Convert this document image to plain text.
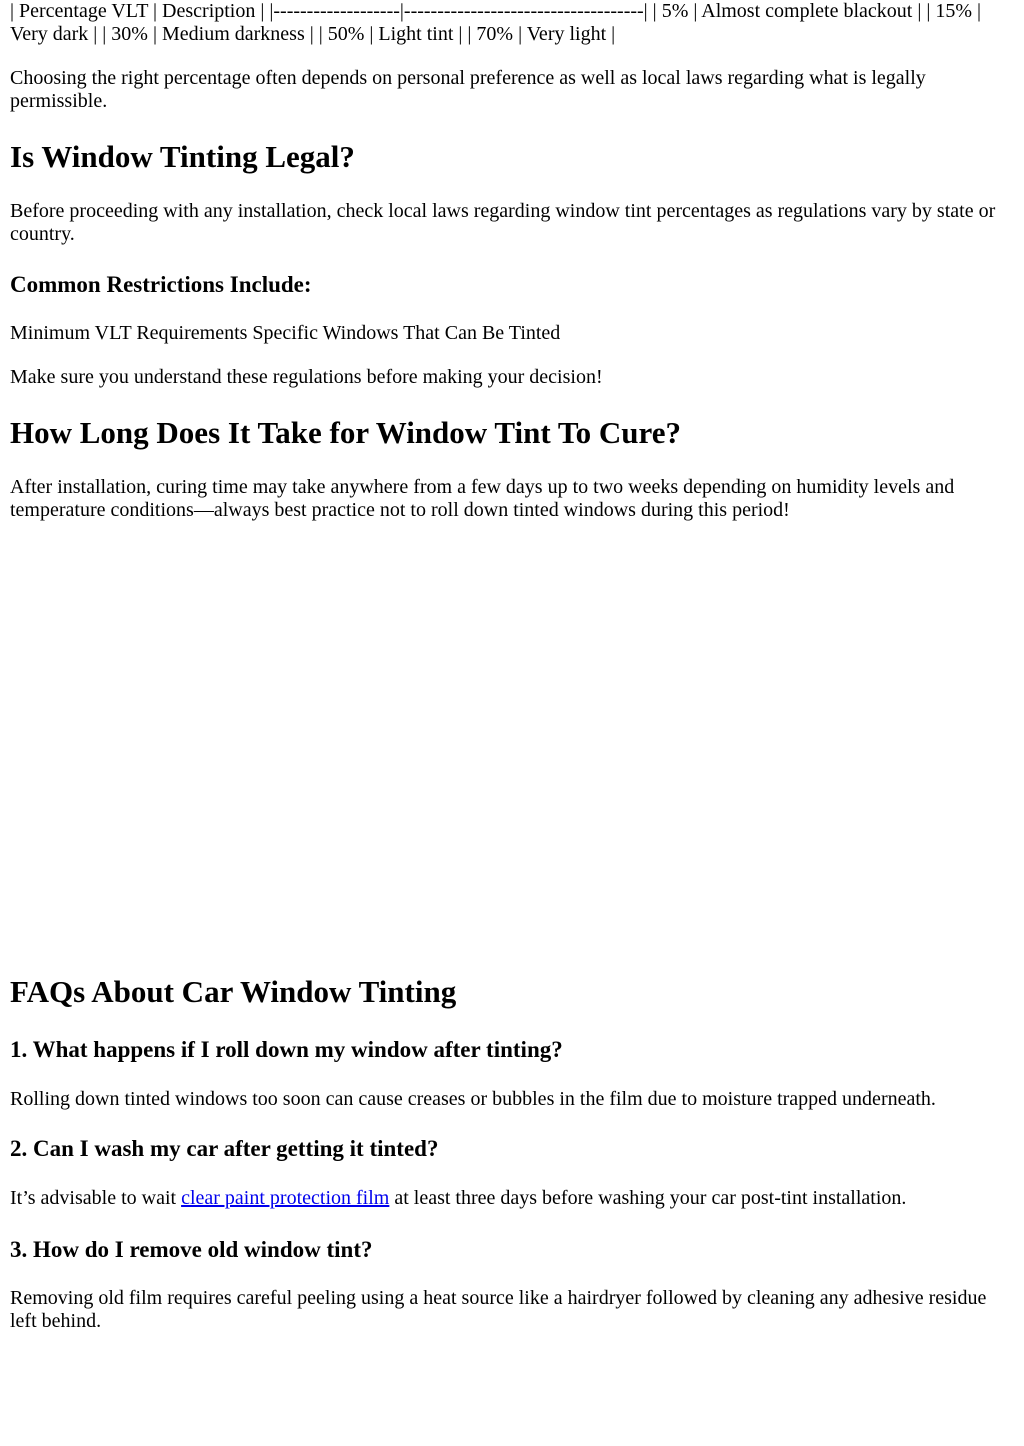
| Percentage VLT | Description | |-------------------|------------------------------------| | 5% | Almost complete blackout | | 15% | Very dark | | 30% | Medium darkness | | 50% | Light tint | | 70% | Very light |

Choosing the right percentage often depends on personal preference as well as local laws regarding what is legally permissible.

Is Window Tinting Legal?

Before proceeding with any installation, check local laws regarding window tint percentages as regulations vary by state or country.

Common Restrictions Include:

Minimum VLT Requirements Specific Windows That Can Be Tinted

Make sure you understand these regulations before making your decision!

How Long Does It Take for Window Tint To Cure?

After installation, curing time may take anywhere from a few days up to two weeks depending on humidity levels and temperature conditions—always best practice not to roll down tinted windows during this period!

FAQs About Car Window Tinting
1. What happens if I roll down my window after tinting?

Rolling down tinted windows too soon can cause creases or bubbles in the film due to moisture trapped underneath.

2. Can I wash my car after getting it tinted?

It’s advisable to wait clear paint protection film at least three days before washing your car post-tint installation.

3. How do I remove old window tint?

Removing old film requires careful peeling using a heat source like a hairdryer followed by cleaning any adhesive residue left behind.
